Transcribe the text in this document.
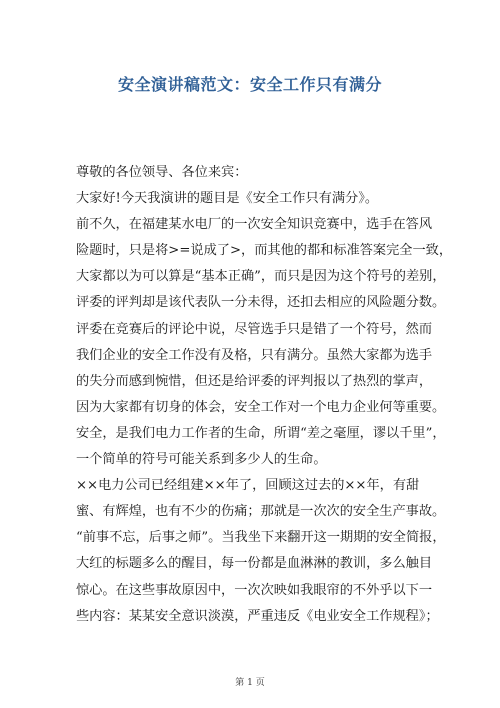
安全演讲稿范文：安全工作只有满分
尊敬的各位领导、各位来宾：
大家好!今天我演讲的题目是《安全工作只有满分》。
前不久，在福建某水电厂的一次安全知识竞赛中，选手在答风
险题时，只是将>=说成了>，而其他的都和标准答案完全一致，
大家都以为可以算是“基本正确”，而只是因为这个符号的差别，
评委的评判却是该代表队一分未得，还扣去相应的风险题分数。
评委在竞赛后的评论中说，尽管选手只是错了一个符号，然而
我们企业的安全工作没有及格，只有满分。虽然大家都为选手
的失分而感到惋惜，但还是给评委的评判报以了热烈的掌声，
因为大家都有切身的体会，安全工作对一个电力企业何等重要。
安全，是我们电力工作者的生命，所谓“差之毫厘，谬以千里”，
一个简单的符号可能关系到多少人的生命。
××电力公司已经组建××年了，回顾这过去的××年，有甜
蜜、有辉煌，也有不少的伤痛；那就是一次次的安全生产事故。
“前事不忘，后事之师”。当我坐下来翻开这一期期的安全简报，
大红的标题多么的醒目，每一份都是血淋淋的教训，多么触目
惊心。在这些事故原因中，一次次映如我眼帘的不外乎以下一
些内容：某某安全意识淡漠，严重违反《电业安全工作规程》；
第 1 页
